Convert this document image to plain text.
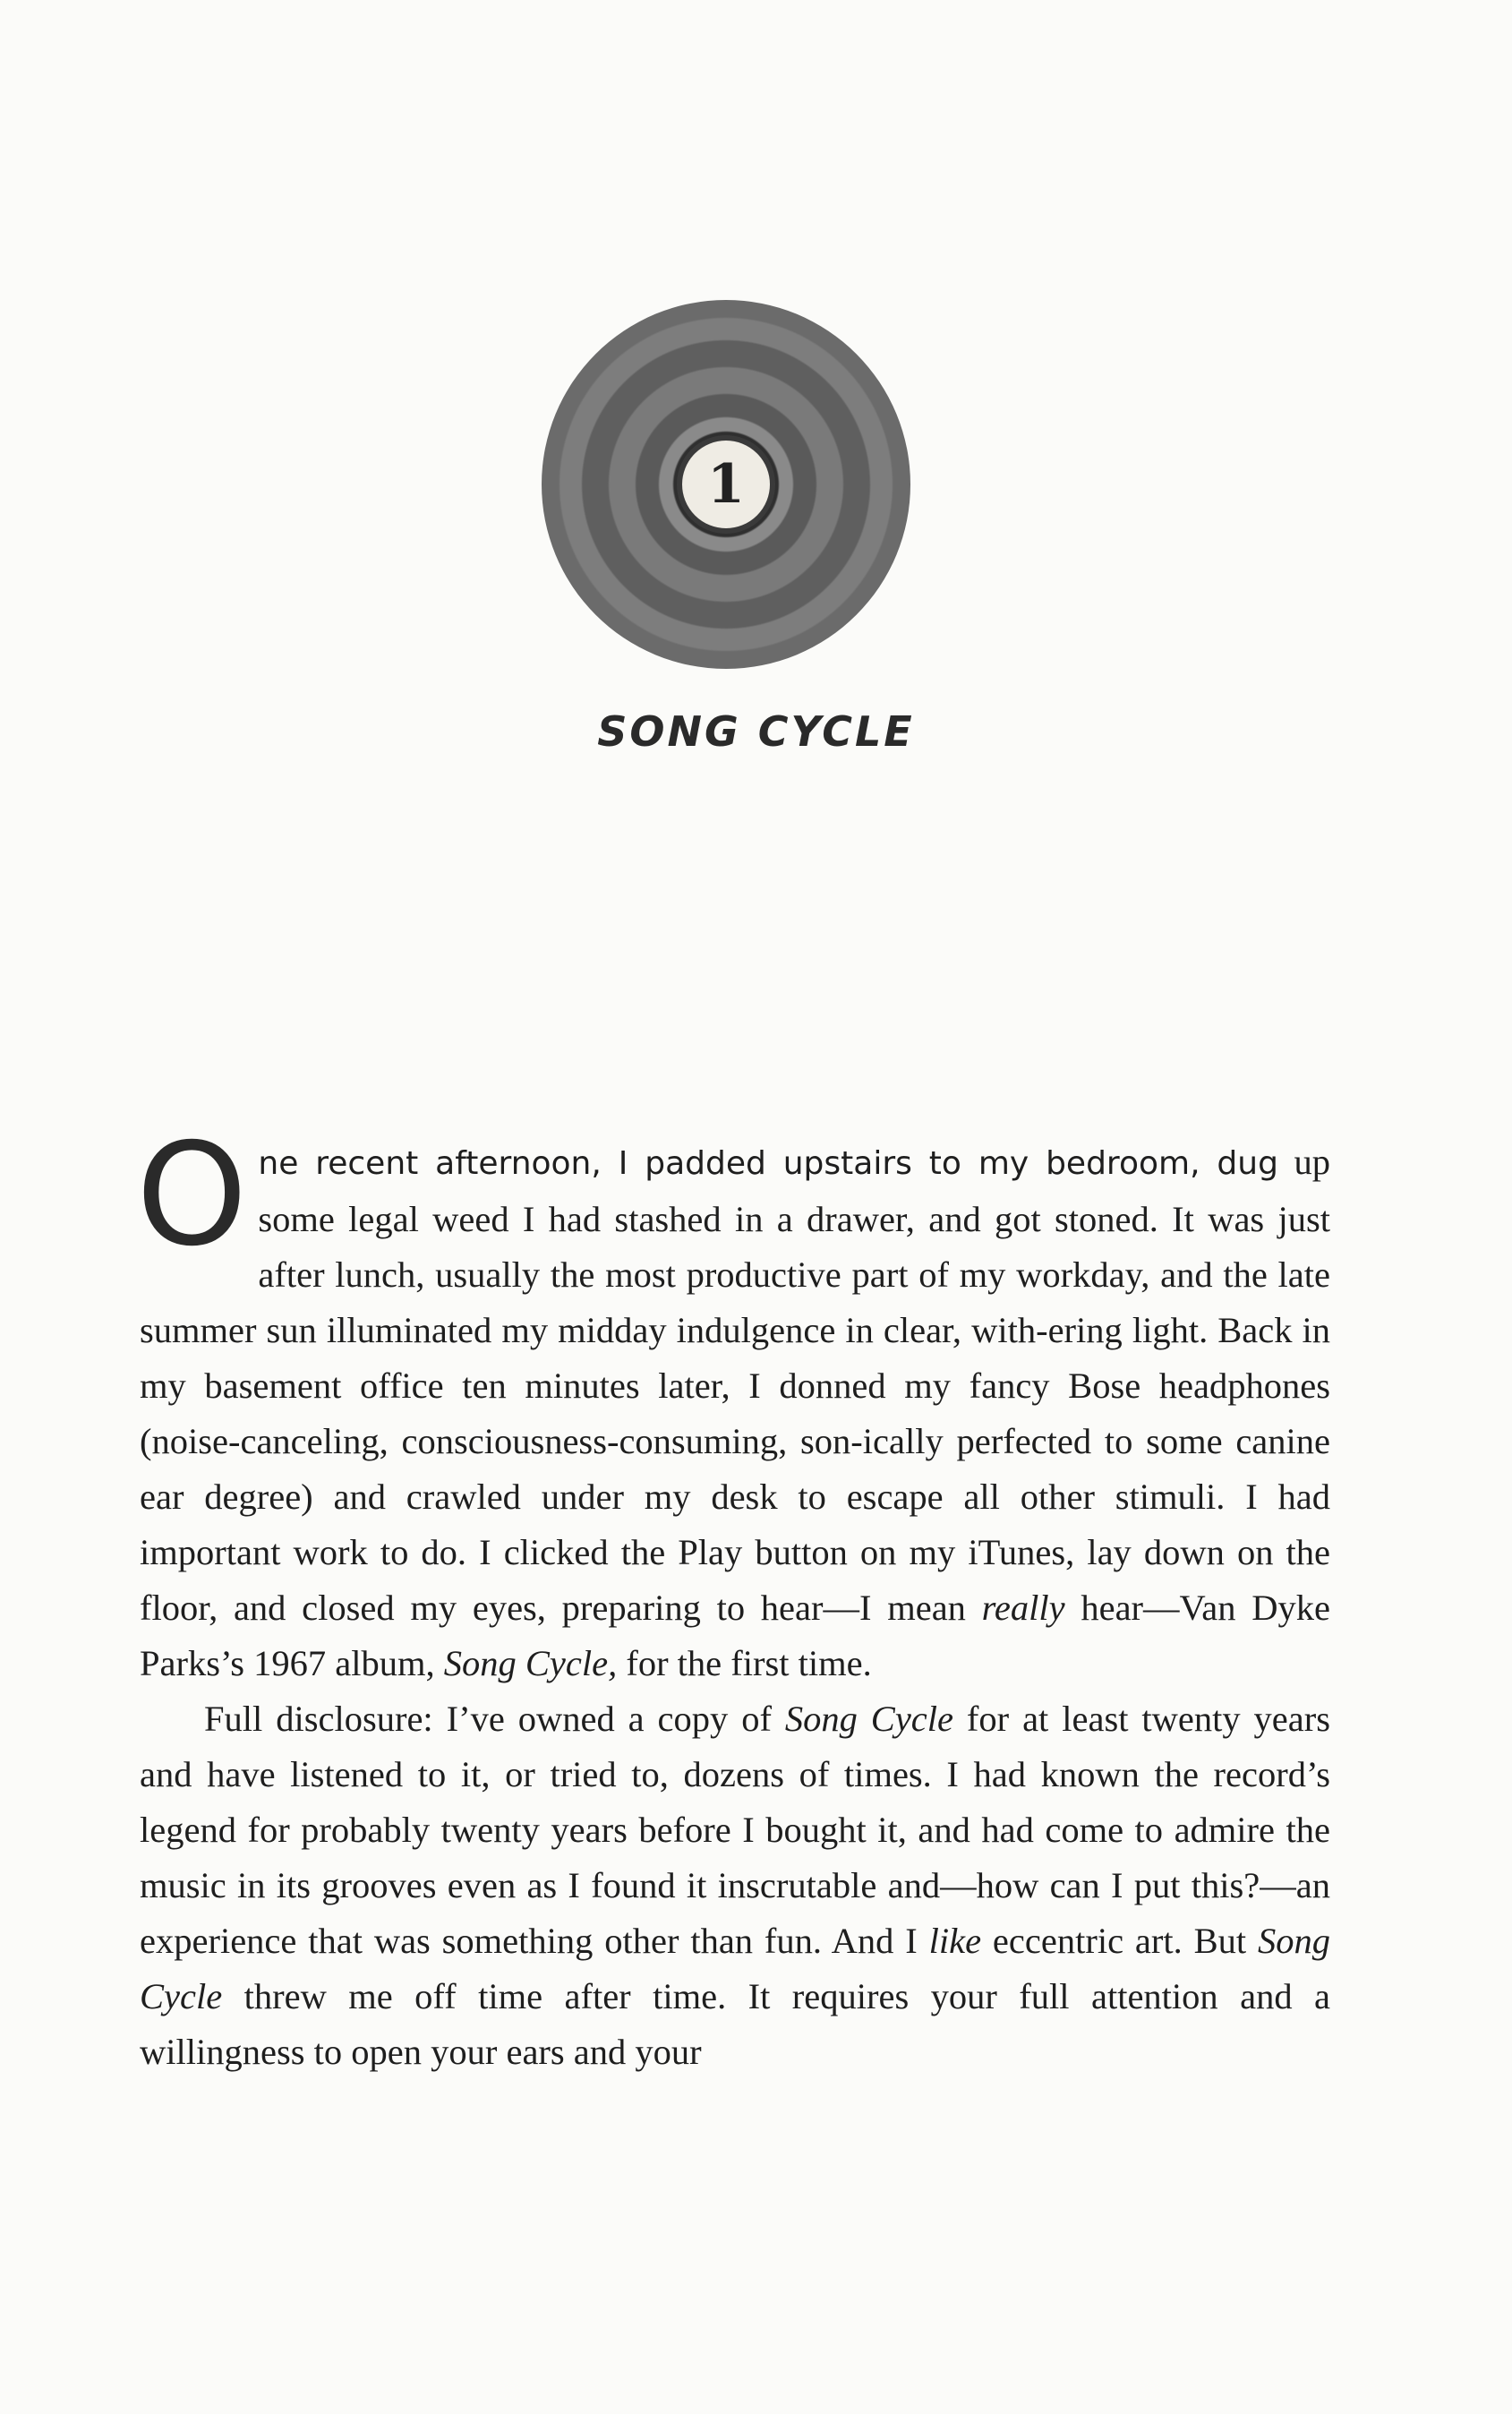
1
SONG CYCLE

One recent afternoon, I padded upstairs to my bedroom, dug up some legal weed I had stashed in a drawer, and got stoned. It was just after lunch, usually the most productive part of my workday, and the late summer sun illuminated my midday indulgence in clear, with-ering light. Back in my basement office ten minutes later, I donned my fancy Bose headphones (noise-canceling, consciousness-consuming, son-ically perfected to some canine ear degree) and crawled under my desk to escape all other stimuli. I had important work to do. I clicked the Play button on my iTunes, lay down on the floor, and closed my eyes, preparing to hear—I mean really hear—Van Dyke Parks’s 1967 album, Song Cycle, for the first time.

Full disclosure: I’ve owned a copy of Song Cycle for at least twenty years and have listened to it, or tried to, dozens of times. I had known the record’s legend for probably twenty years before I bought it, and had come to admire the music in its grooves even as I found it inscrutable and—how can I put this?—an experience that was something other than fun. And I like eccentric art. But Song Cycle threw me off time after time. It requires your full attention and a willingness to open your ears and your
